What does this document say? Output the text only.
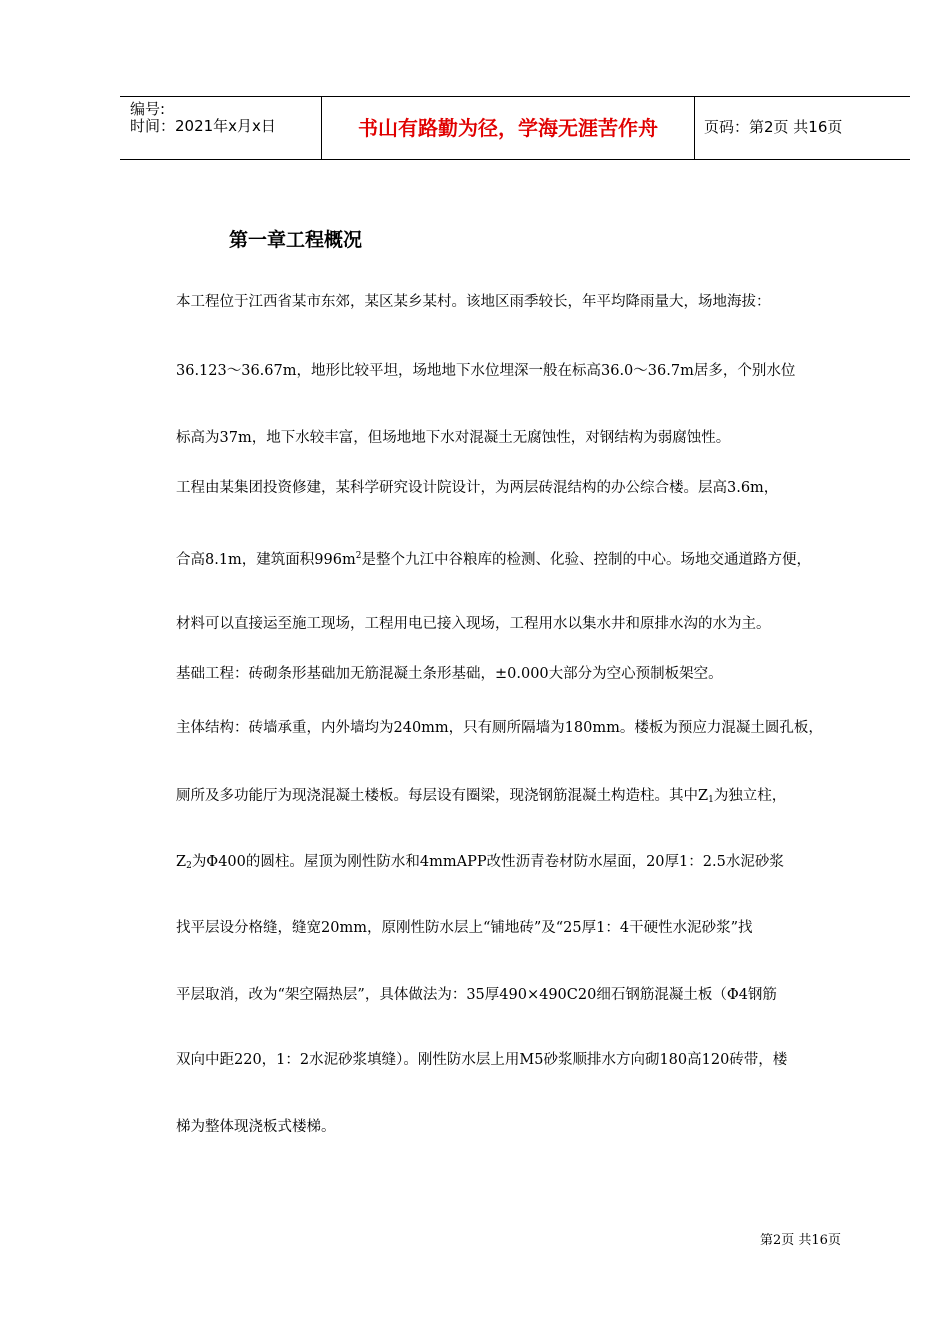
编号:
时间：2021年x月x日	书山有路勤为径，学海无涯苦作舟	页码：第2页 共16页
第一章工程概况
本工程位于江西省某市东郊，某区某乡某村。该地区雨季较长，年平均降雨量大，场地海拔：
36.123～36.67m，地形比较平坦，场地地下水位埋深一般在标高36.0～36.7m居多，个别水位
标高为37m，地下水较丰富，但场地地下水对混凝土无腐蚀性，对钢结构为弱腐蚀性。
工程由某集团投资修建，某科学研究设计院设计，为两层砖混结构的办公综合楼。层高3.6m，
合高8.1m，建筑面积$996m^2$是整个九江中谷粮库的检测、化验、控制的中心。场地交通道路方便，
材料可以直接运至施工现场，工程用电已接入现场，工程用水以集水井和原排水沟的水为主。
基础工程：砖砌条形基础加无筋混凝土条形基础，±0.000大部分为空心预制板架空。
主体结构：砖墙承重，内外墙均为240mm，只有厕所隔墙为180mm。楼板为预应力混凝土圆孔板，
厕所及多功能厅为现浇混凝土楼板。每层设有圈梁，现浇钢筋混凝土构造柱。其中$Z_1$为独立柱，
$Z_2$为Φ400的圆柱。屋顶为刚性防水和4mmAPP改性沥青卷材防水屋面，20厚1：2.5水泥砂浆
找平层设分格缝，缝宽20mm，原刚性防水层上“铺地砖”及“25厚1：4干硬性水泥砂浆”找
平层取消，改为“架空隔热层”，具体做法为：35厚490×490C20细石钢筋混凝土板（Φ4钢筋
双向中距220，1：2水泥砂浆填缝）。刚性防水层上用M5砂浆顺排水方向砌180高120砖带，楼
梯为整体现浇板式楼梯。
第2页 共16页
